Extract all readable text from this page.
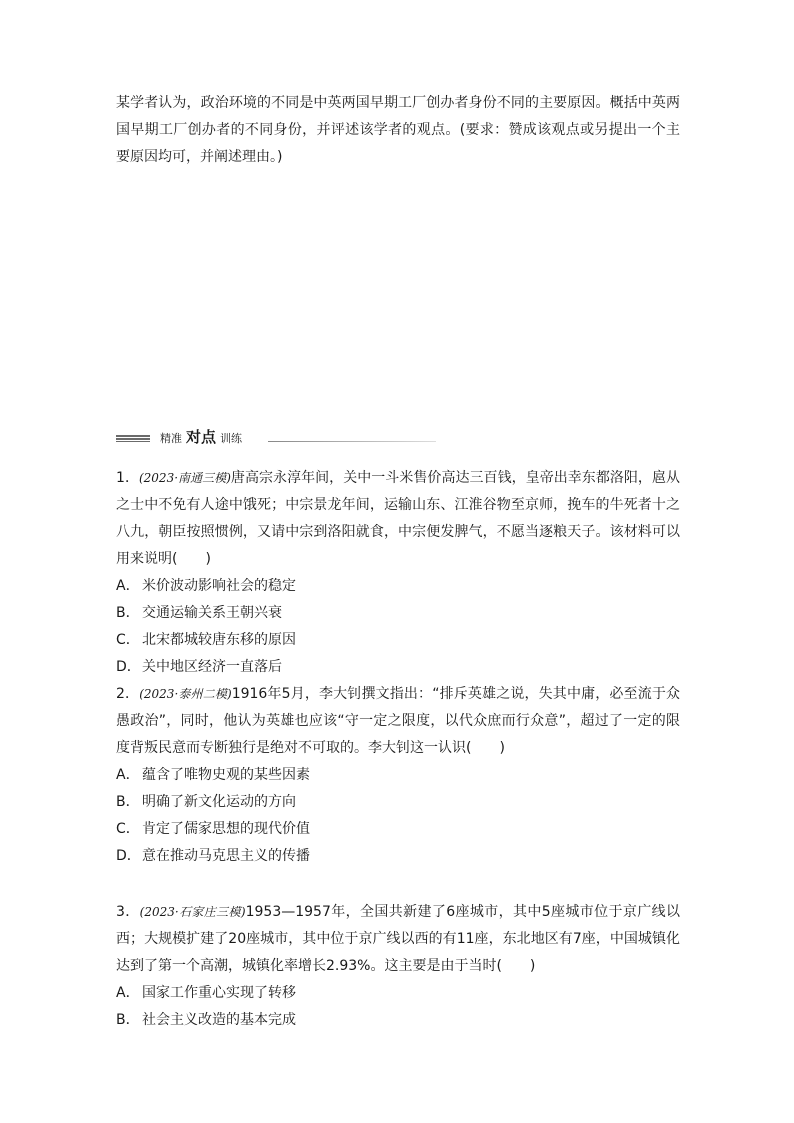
某学者认为，政治环境的不同是中英两国早期工厂创办者身份不同的主要原因。概括中英两国早期工厂创办者的不同身份，并评述该学者的观点。(要求：赞成该观点或另提出一个主要原因均可，并阐述理由。)

精准 对点 训练

1．(2023·南通三模)唐高宗永淳年间，关中一斗米售价高达三百钱，皇帝出幸东都洛阳，扈从之士中不免有人途中饿死；中宗景龙年间，运输山东、江淮谷物至京师，挽车的牛死者十之八九，朝臣按照惯例，又请中宗到洛阳就食，中宗便发脾气，不愿当逐粮天子。该材料可以用来说明(　　)

A． 米价波动影响社会的稳定

B． 交通运输关系王朝兴衰

C． 北宋都城较唐东移的原因

D．关中地区经济一直落后

2．(2023·泰州二模)1916年5月，李大钊撰文指出：“排斥英雄之说，失其中庸，必至流于众愚政治”，同时，他认为英雄也应该“守一定之限度，以代众庶而行众意”，超过了一定的限度背叛民意而专断独行是绝对不可取的。李大钊这一认识(　　)

A． 蕴含了唯物史观的某些因素

B． 明确了新文化运动的方向

C． 肯定了儒家思想的现代价值

D．意在推动马克思主义的传播

3．(2023·石家庄三模)1953—1957年，全国共新建了6座城市，其中5座城市位于京广线以西；大规模扩建了20座城市，其中位于京广线以西的有11座，东北地区有7座，中国城镇化达到了第一个高潮，城镇化率增长2.93%。这主要是由于当时(　　)

A． 国家工作重心实现了转移

B． 社会主义改造的基本完成
